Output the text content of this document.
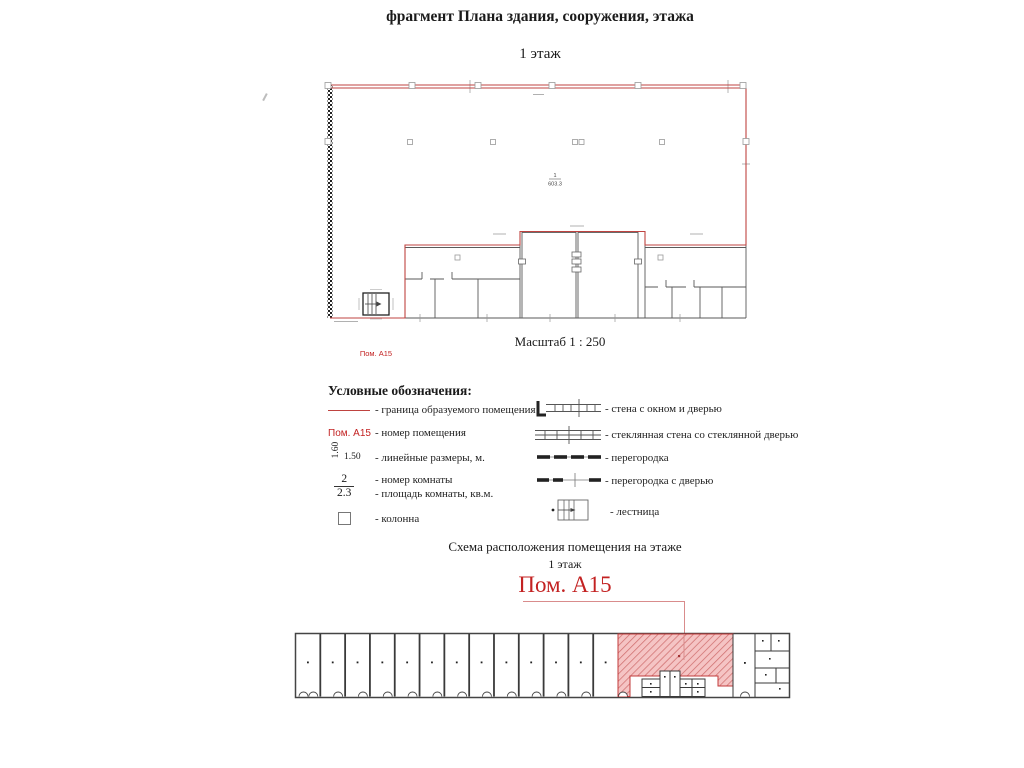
фрагмент Плана здания, сооружения, этажа
1 этаж
1
603.3
Пом. А15
Масштаб 1 : 250
Условные обозначения:
- граница образуемого помещения
Пом. А15 - номер помещения
1.60 1.50 - линейные размеры, м.
$\frac{2}{2.3}$ - номер комнаты
- площадь комнаты, кв.м.
- колонна
- стена с окном и дверью
- стеклянная стена со стеклянной дверью
- перегородка
- перегородка с дверью
- лестница
Схема расположения помещения на этаже
1 этаж
Пом. А15
